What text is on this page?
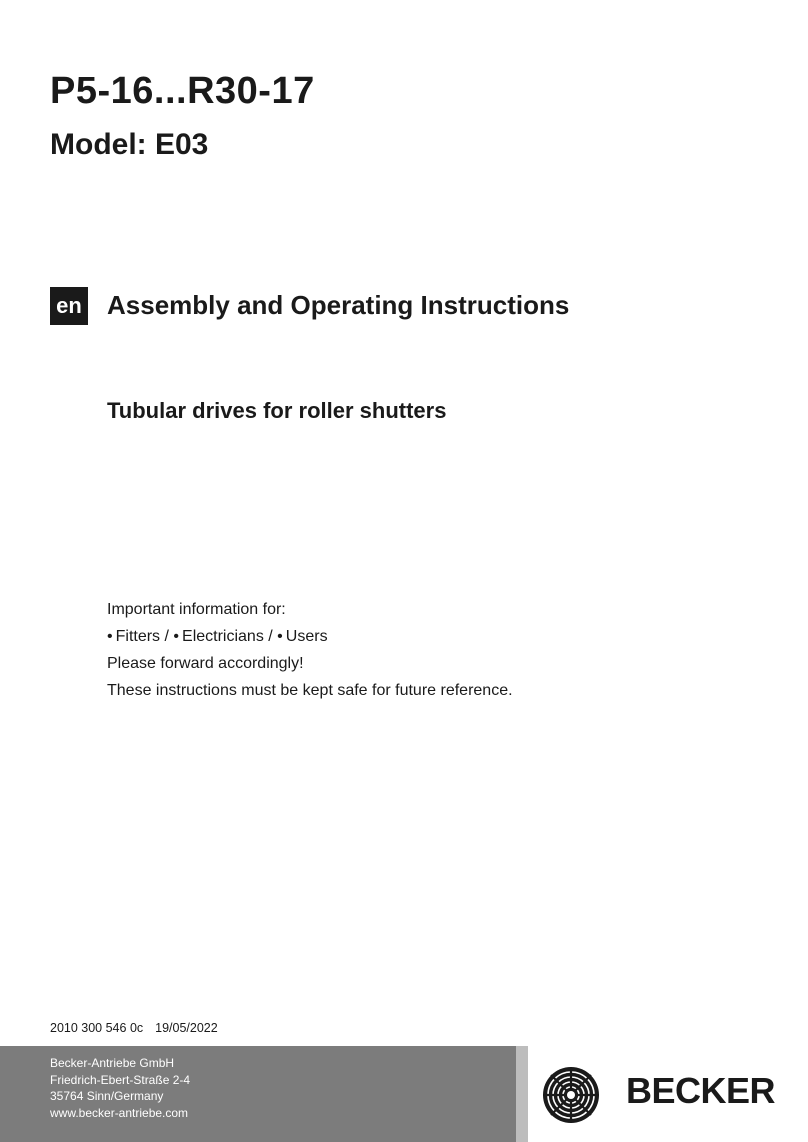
P5-16...R30-17
Model: E03
en Assembly and Operating Instructions
Tubular drives for roller shutters

Important information for:

• Fitters / • Electricians / • Users

Please forward accordingly!

These instructions must be kept safe for future reference.

2010 300 546 0c 19/05/2022
Becker-Antriebe GmbH
Friedrich-Ebert-Straße 2-4
35764 Sinn/Germany
www.becker-antriebe.com
BECKER
